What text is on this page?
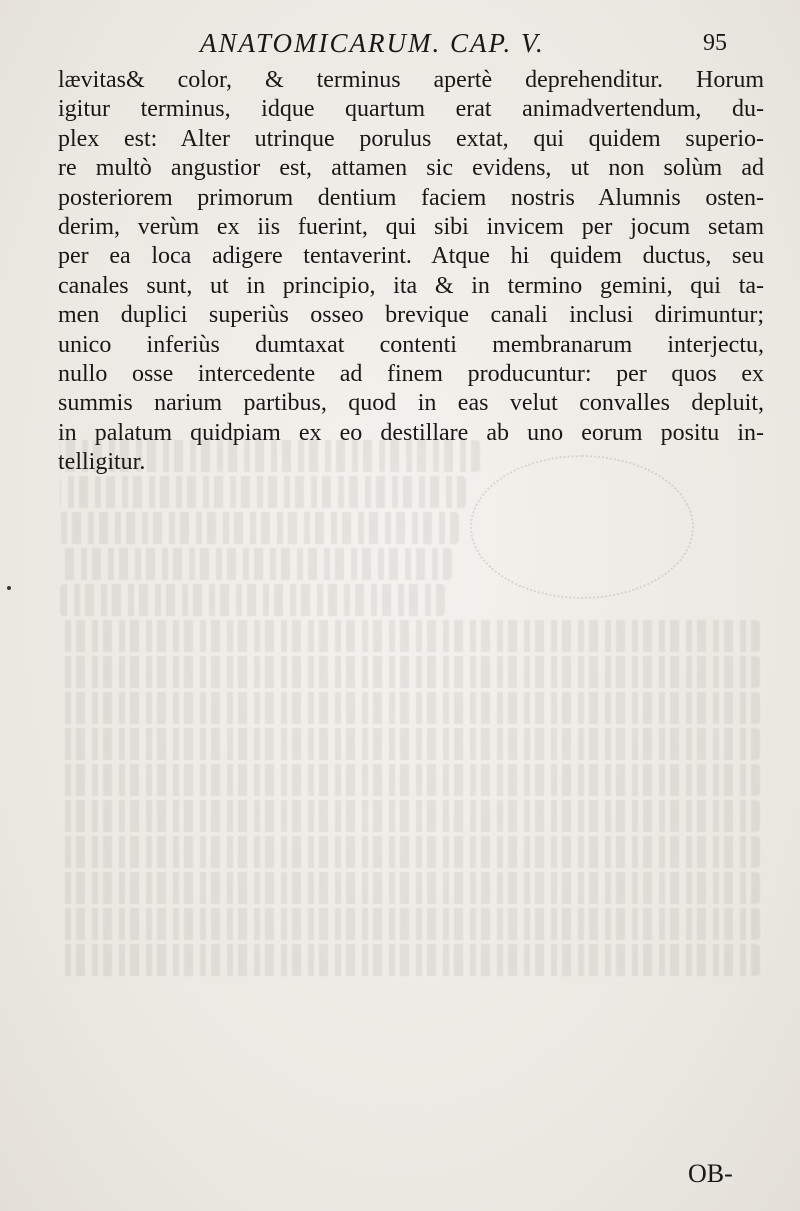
ANATOMICARUM. CAP. V.	95
lævitas& color, & terminus apertè deprehenditur. Horum
igitur terminus, idque quartum erat animadvertendum, du-
plex est: Alter utrinque porulus extat, qui quidem superio-
re multò angustior est, attamen sic evidens, ut non solùm ad
posteriorem primorum dentium faciem nostris Alumnis osten-
derim, verùm ex iis fuerint, qui sibi invicem per jocum setam
per ea loca adigere tentaverint. Atque hi quidem ductus, seu
canales sunt, ut in principio, ita & in termino gemini, qui ta-
men duplici superiùs osseo brevique canali inclusi dirimuntur;
unico inferiùs dumtaxat contenti membranarum interjectu,
nullo osse intercedente ad finem producuntur: per quos ex
summis narium partibus, quod in eas velut convalles depluit,
in palatum quidpiam ex eo destillare ab uno eorum positu in-
telligitur.
OB-
